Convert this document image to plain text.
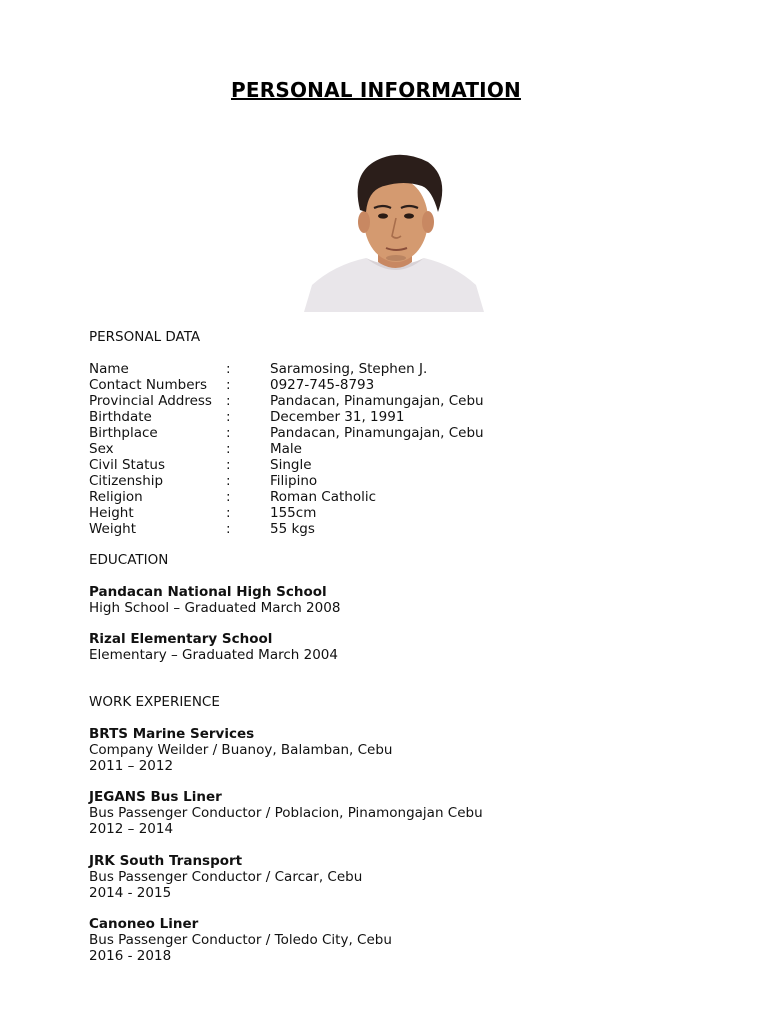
PERSONAL INFORMATION
PERSONAL DATA
Name	:	Saramosing, Stephen J.
Contact Numbers :	0927-745-8793
Provincial Address :	Pandacan, Pinamungajan, Cebu
Birthdate	:	December 31, 1991
Birthplace	:	Pandacan, Pinamungajan, Cebu
Sex	:	Male
Civil Status	:	Single
Citizenship	:	Filipino
Religion	:	Roman Catholic
Height	:	155cm
Weight	:	55 kgs
EDUCATION
Pandacan National High School
High School – Graduated March 2008
Rizal Elementary School
Elementary – Graduated March 2004
WORK EXPERIENCE
BRTS Marine Services
Company Weilder / Buanoy, Balamban, Cebu
2011 – 2012
JEGANS Bus Liner
Bus Passenger Conductor / Poblacion, Pinamongajan Cebu
2012 – 2014
JRK South Transport
Bus Passenger Conductor / Carcar, Cebu
2014 - 2015
Canoneo Liner
Bus Passenger Conductor / Toledo City, Cebu
2016 - 2018
